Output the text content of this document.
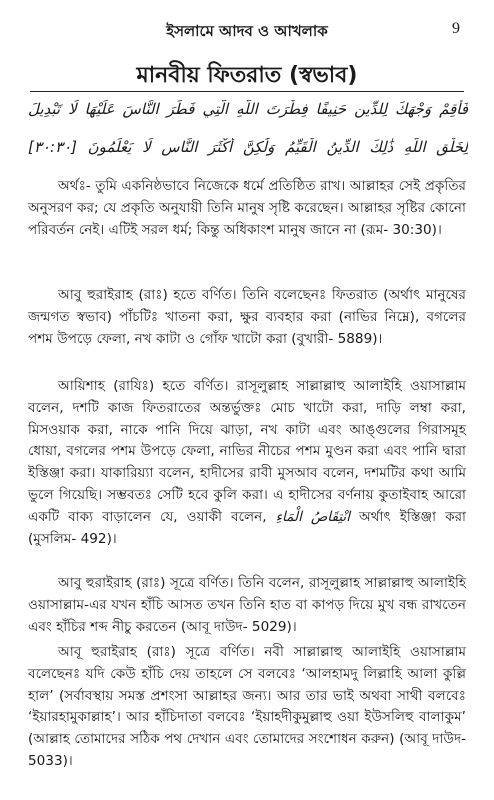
ইসলামে আদব ও আখলাক	9
মানবীয় ফিতরাত (স্বভাব)
فَأَقِمْ وَجْهَكَ لِلدِّينِ حَنِيفًا فِطْرَتَ اللَّهِ الَّتِي فَطَرَ النَّاسَ عَلَيْهَا لَا تَبْدِيلَ
لِخَلْقِ اللَّهِ ذَٰلِكَ الدِّينُ الْقَيِّمُ وَلَٰكِنَّ أَكْثَرَ النَّاسِ لَا يَعْلَمُونَ [٣٠:٣٠]

অর্থঃ- তুমি একনিষ্ঠভাবে নিজেকে ধর্মে প্রতিষ্ঠিত রাখ। আল্লাহর সেই প্রকৃতির অনুসরণ কর; যে প্রকৃতি অনুযায়ী তিনি মানুষ সৃষ্টি করেছেন। আল্লাহর সৃষ্টির কোনো পরিবর্তন নেই। এটিই সরল ধর্ম; কিন্তু অধিকাংশ মানুষ জানে না (রূম- 30:30)।

আবু হুরাইরাহ (রাঃ) হতে বর্ণিত। তিনি বলেছেনঃ ফিতরাত (অর্থাৎ মানুষের জন্মগত স্বভাব) পাঁচটিঃ খাতনা করা, ক্ষুর ব্যবহার করা (নাভির নিম্নে), বগলের পশম উপড়ে ফেলা, নখ কাটা ও গোঁফ খাটো করা (বুখারী- 5889)।

আয়িশাহ (রাযিঃ) হতে বর্ণিত। রাসূলুল্লাহ সাল্লাল্লাহু আলাইহি ওয়াসাল্লাম বলেন, দশটি কাজ ফিতরাতের অন্তর্ভুক্তঃ মোচ খাটো করা, দাড়ি লম্বা করা, মিসওয়াক করা, নাকে পানি দিয়ে ঝাড়া, নখ কাটা এবং আঙ্গুলের গিরাসমূহ ধোয়া, বগলের পশম উপড়ে ফেলা, নাভির নীচের পশম মুণ্ডন করা এবং পানি দ্বারা ইস্তিঞ্জা করা। যাকারিয়্যা বলেন, হাদীসের রাবী মুসআব বলেন, দশমটির কথা আমি ভুলে গিয়েছি। সম্ভবতঃ সেটি হবে কুলি করা। এ হাদীসের বর্ণনায় কুতাইবাহ আরো একটি বাক্য বাড়ালেন যে, ওয়াকী বলেন, انْتِقَاصُ الْمَاءِ অর্থাৎ ইস্তিঞ্জা করা (মুসলিম- 492)।

আবু হুরাইরাহ (রাঃ) সূত্রে বর্ণিত। তিনি বলেন, রাসূলুল্লাহ সাল্লাল্লাহু আলাইহি ওয়াসাল্লাম-এর যখন হাঁচি আসত তখন তিনি হাত বা কাপড় দিয়ে মুখ বন্ধ রাখতেন এবং হাঁচির শব্দ নীচু করতেন (আবূ দাউদ- 5029)।

আবূ হুরাইরাহ (রাঃ) সূত্রে বর্ণিত। নবী সাল্লাল্লাহু আলাইহি ওয়াসাল্লাম বলেছেনঃ যদি কেউ হাঁচি দেয় তাহলে সে বলবেঃ ‘আলহামদু লিল্লাহি আলা কুল্লি হাল’ (সর্বাবস্থায় সমস্ত প্রশংসা আল্লাহর জন্য। আর তার ভাই অথবা সাথী বলবেঃ ‘ইয়ারহামুকাল্লাহ’। আর হাঁচিদাতা বলবেঃ ‘ইয়াহদীকুমুল্লাহু ওয়া ইউসলিহু বালাকুম’ (আল্লাহ তোমাদের সঠিক পথ দেখান এবং তোমাদের সংশোধন করুন) (আবূ দাউদ- 5033)।
